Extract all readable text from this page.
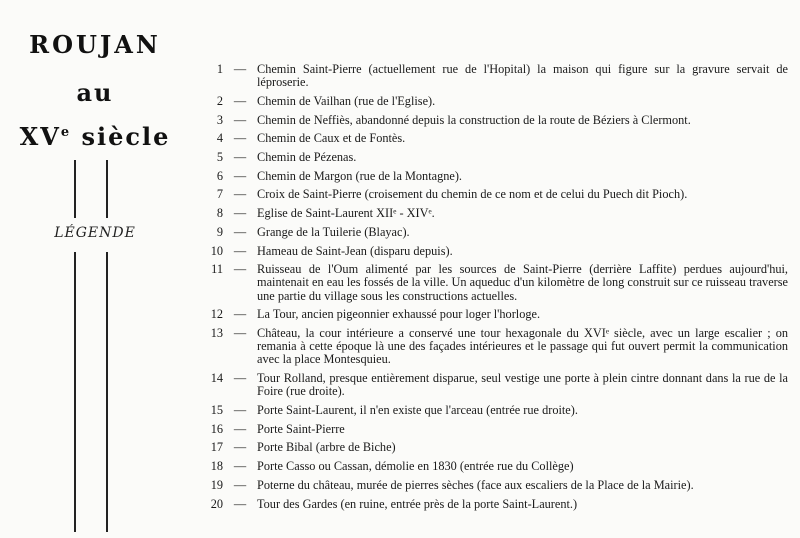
ROUJAN
au
XVe siècle
LÉGENDE
1 — Chemin Saint-Pierre (actuellement rue de l'Hopital) la maison qui figure sur la gravure servait de léproserie.
2 — Chemin de Vailhan (rue de l'Eglise).
3 — Chemin de Neffiès, abandonné depuis la construction de la route de Béziers à Clermont.
4 — Chemin de Caux et de Fontès.
5 — Chemin de Pézenas.
6 — Chemin de Margon (rue de la Montagne).
7 — Croix de Saint-Pierre (croisement du chemin de ce nom et de celui du Puech dit Pioch).
8 — Eglise de Saint-Laurent XIIᵉ - XIVᵉ.
9 — Grange de la Tuilerie (Blayac).
10 — Hameau de Saint-Jean (disparu depuis).
11 — Ruisseau de l'Oum alimenté par les sources de Saint-Pierre (derrière Laffite) perdues aujourd'hui, maintenait en eau les fossés de la ville. Un aqueduc d'un kilomètre de long construit sur ce ruisseau traverse une partie du village sous les constructions actuelles.
12 — La Tour, ancien pigeonnier exhaussé pour loger l'horloge.
13 — Château, la cour intérieure a conservé une tour hexagonale du XVIᵉ siècle, avec un large escalier ; on remania à cette époque là une des façades intérieures et le passage qui fut ouvert permit la communication avec la place Montesquieu.
14 — Tour Rolland, presque entièrement disparue, seul vestige une porte à plein cintre donnant dans la rue de la Foire (rue droite).
15 — Porte Saint-Laurent, il n'en existe que l'arceau (entrée rue droite).
16 — Porte Saint-Pierre
17 — Porte Bibal (arbre de Biche)
18 — Porte Casso ou Cassan, démolie en 1830 (entrée rue du Collège)
19 — Poterne du château, murée de pierres sèches (face aux escaliers de la Place de la Mairie).
20 — Tour des Gardes (en ruine, entrée près de la porte Saint-Laurent.)
